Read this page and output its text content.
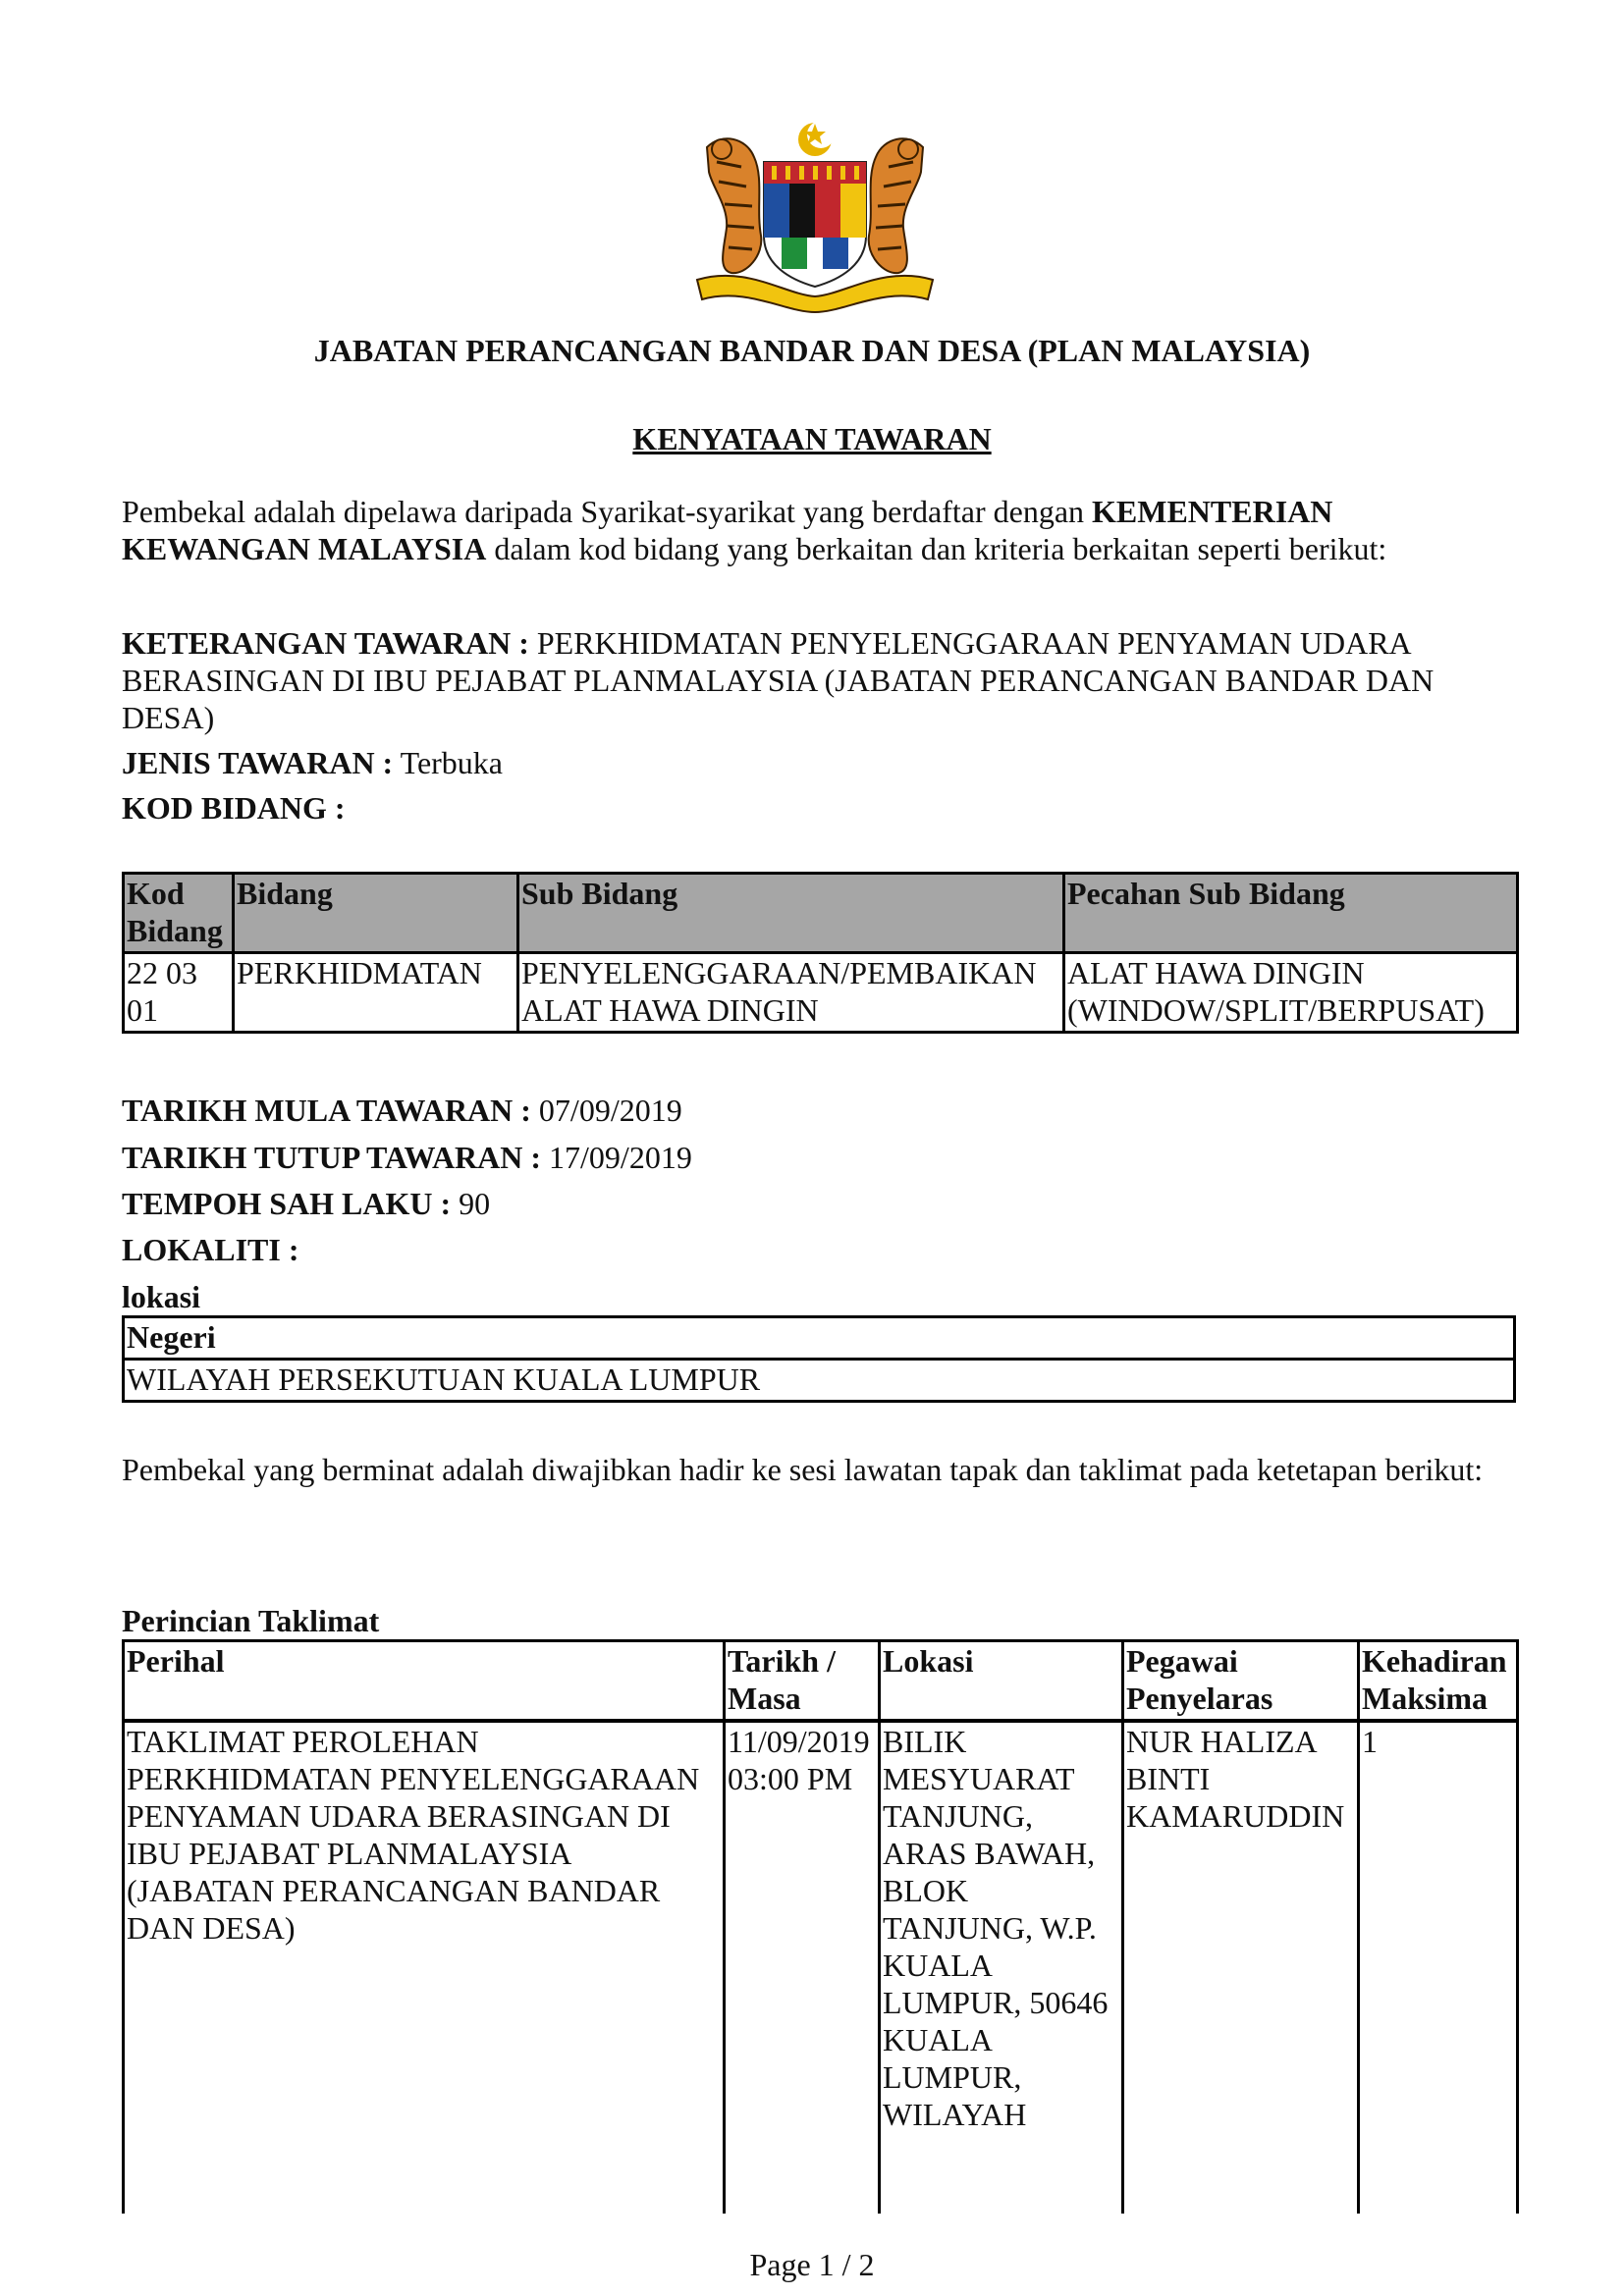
JABATAN PERANCANGAN BANDAR DAN DESA (PLAN MALAYSIA)
KENYATAAN TAWARAN
Pembekal adalah dipelawa daripada Syarikat-syarikat yang berdaftar dengan KEMENTERIAN KEWANGAN MALAYSIA dalam kod bidang yang berkaitan dan kriteria berkaitan seperti berikut:
KETERANGAN TAWARAN : PERKHIDMATAN PENYELENGGARAAN PENYAMAN UDARA BERASINGAN DI IBU PEJABAT PLANMALAYSIA (JABATAN PERANCANGAN BANDAR DAN DESA)
JENIS TAWARAN : Terbuka
KOD BIDANG :
Kod Bidang	Bidang	Sub Bidang	Pecahan Sub Bidang
22 03 01	PERKHIDMATAN	PENYELENGGARAAN/PEMBAIKAN ALAT HAWA DINGIN	ALAT HAWA DINGIN (WINDOW/SPLIT/BERPUSAT)
TARIKH MULA TAWARAN : 07/09/2019
TARIKH TUTUP TAWARAN : 17/09/2019
TEMPOH SAH LAKU : 90
LOKALITI :
lokasi
Negeri
WILAYAH PERSEKUTUAN KUALA LUMPUR
Pembekal yang berminat adalah diwajibkan hadir ke sesi lawatan tapak dan taklimat pada ketetapan berikut:
Perincian Taklimat
Perihal	Tarikh / Masa	Lokasi	Pegawai Penyelaras	Kehadiran Maksima
TAKLIMAT PEROLEHAN PERKHIDMATAN PENYELENGGARAAN PENYAMAN UDARA BERASINGAN DI IBU PEJABAT PLANMALAYSIA (JABATAN PERANCANGAN BANDAR DAN DESA)	11/09/2019 03:00 PM	BILIK MESYUARAT TANJUNG, ARAS BAWAH, BLOK TANJUNG, W.P. KUALA LUMPUR, 50646 KUALA LUMPUR, WILAYAH	NUR HALIZA BINTI KAMARUDDIN	1
Page 1 / 2
